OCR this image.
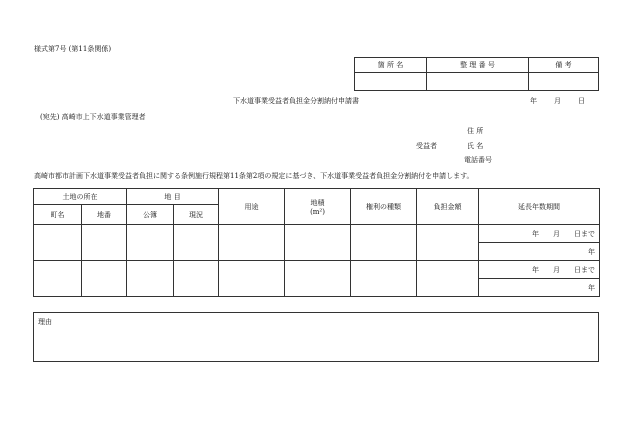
様式第7号 (第11条関係)
箇 所 名	整 理 番 号	備 考

下水道事業受益者負担金分割納付申請書	年 月 日
(宛先) 高崎市上下水道事業管理者
住 所
受益者	氏 名
電話番号
高崎市都市計画下水道事業受益者負担に関する条例施行規程第11条第2項の規定に基づき、下水道事業受益者負担金分割納付を申請します。
土地の所在		地 目		用途	地積
(m²)	権利の種類	負担金額	延長年数期間
町名	地番	公簿	現況					
								年　　月　　日まで
								年
								年　　月　　日まで
								年
理由
